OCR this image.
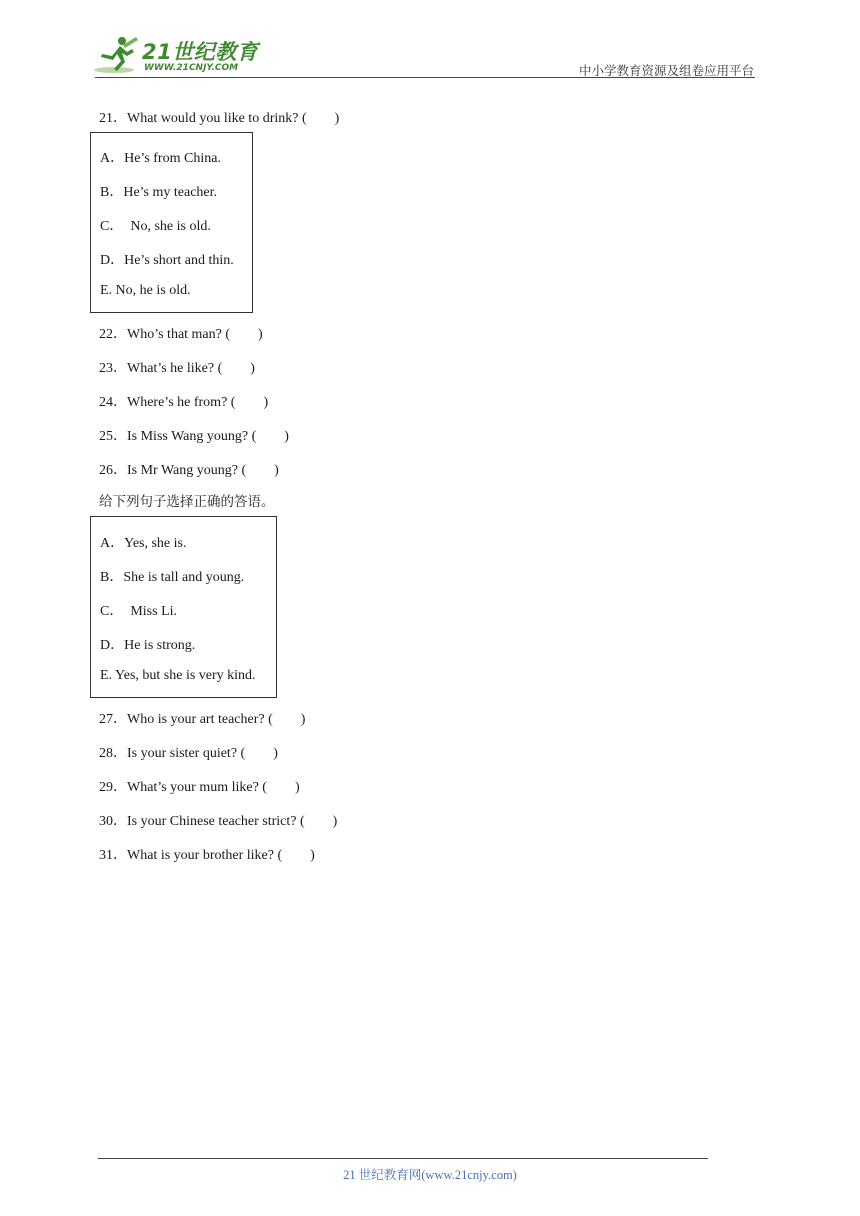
21世纪教育
WWW.21CNJY.COM	中小学教育资源及组卷应用平台
21．What would you like to drink? ( )
A．He’s from China.
B．He’s my teacher.
C．  No, she is old.
D．He’s short and thin.
E. No, he is old.
22．Who’s that man? ( )
23．What’s he like? ( )
24．Where’s he from? ( )
25．Is Miss Wang young? ( )
26．Is Mr Wang young? ( )
给下列句子选择正确的答语。
A．Yes, she is.
B．She is tall and young.
C．  Miss Li.
D．He is strong.
E. Yes, but she is very kind.
27．Who is your art teacher? ( )
28．Is your sister quiet? ( )
29．What’s your mum like? ( )
30．Is your Chinese teacher strict? ( )
31．What is your brother like? ( )
21 世纪教育网(www.21cnjy.com)
